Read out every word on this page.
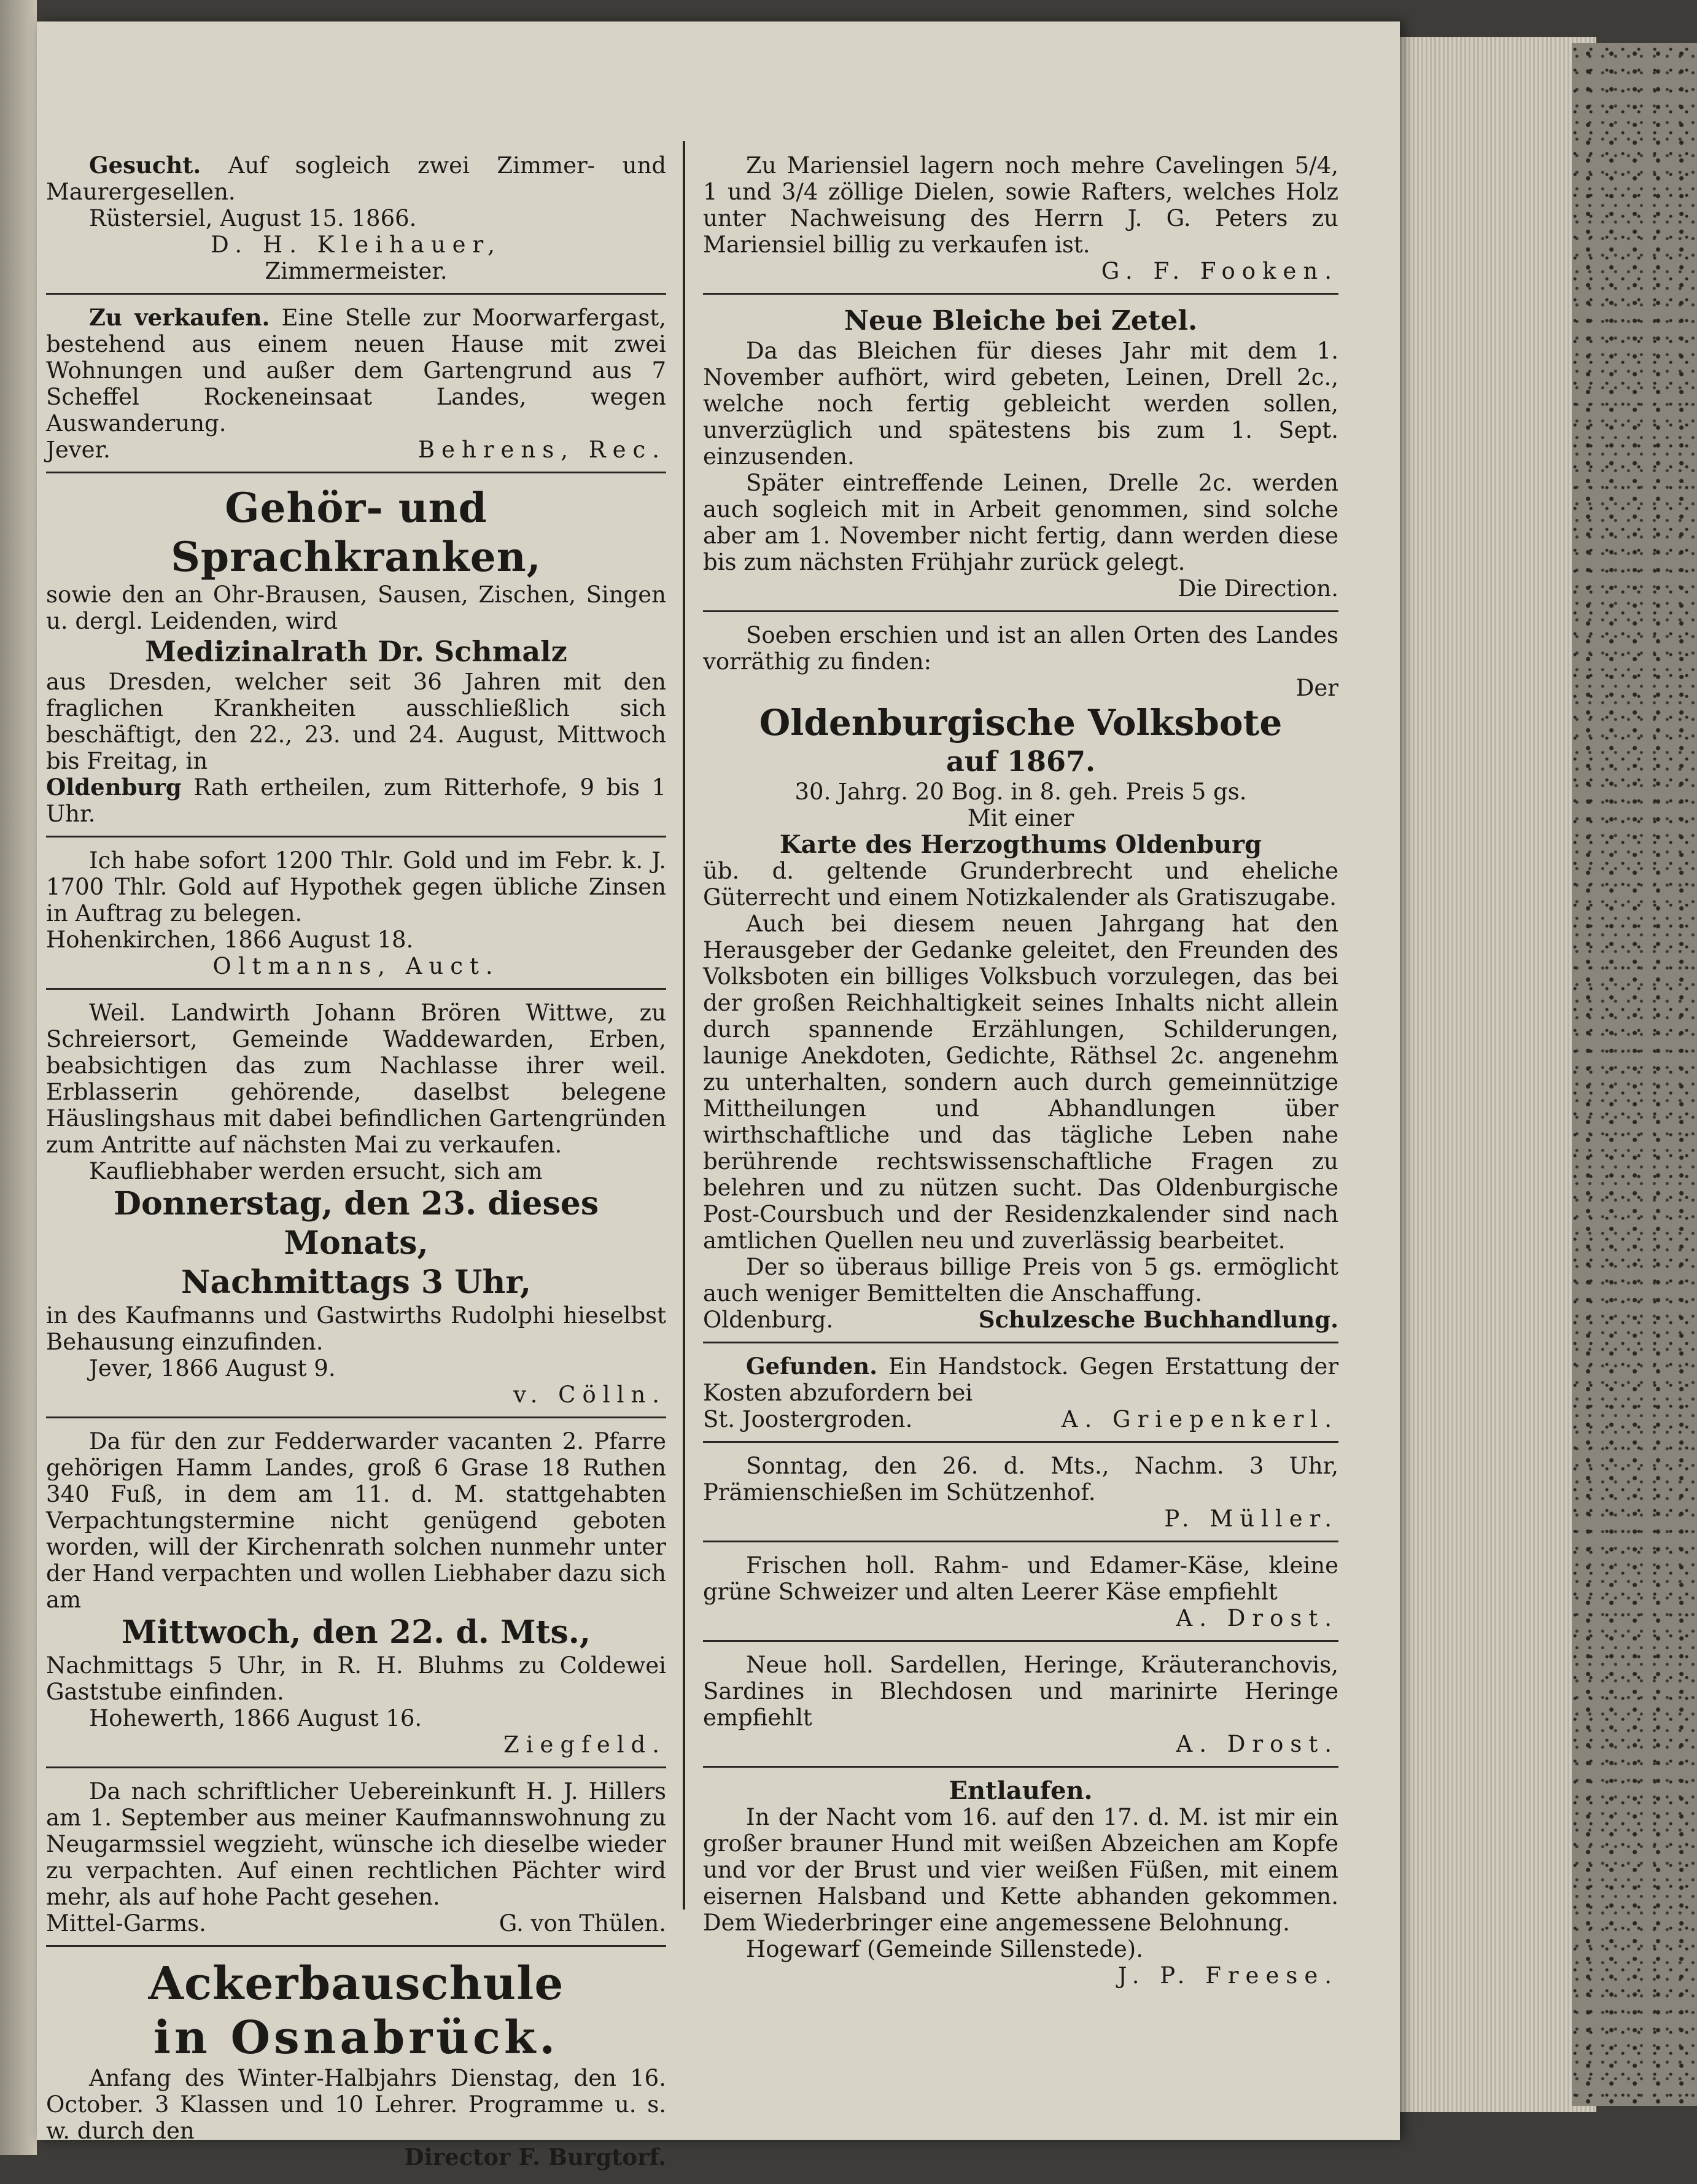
Gesucht. Auf sogleich zwei Zimmer- und Maurergesellen.

Rüstersiel, August 15. 1866.

D. H. Kleihauer,

Zimmermeister.

Zu verkaufen. Eine Stelle zur Moorwarfergast, bestehend aus einem neuen Hause mit zwei Wohnungen und außer dem Gartengrund aus 7 Scheffel Rockeneinsaat Landes, wegen Auswanderung.

Jever.	Behrens, Rec.

Gehör- und Sprachkranken,

sowie den an Ohr-Brausen, Sausen, Zischen, Singen u. dergl. Leidenden, wird

Medizinalrath Dr. Schmalz

aus Dresden, welcher seit 36 Jahren mit den fraglichen Krankheiten ausschließlich sich beschäftigt, den 22., 23. und 24. August, Mittwoch bis Freitag, in

Oldenburg Rath ertheilen, zum Ritterhofe, 9 bis 1 Uhr.

Ich habe sofort 1200 Thlr. Gold und im Febr. k. J. 1700 Thlr. Gold auf Hypothek gegen übliche Zinsen in Auftrag zu belegen.

Hohenkirchen, 1866 August 18.

Oltmanns, Auct.

Weil. Landwirth Johann Brören Wittwe, zu Schreiersort, Gemeinde Waddewarden, Erben, beabsichtigen das zum Nachlasse ihrer weil. Erblasserin gehörende, daselbst belegene Häuslingshaus mit dabei befindlichen Gartengründen zum Antritte auf nächsten Mai zu verkaufen.

Kaufliebhaber werden ersucht, sich am

Donnerstag, den 23. dieses Monats,
Nachmittags 3 Uhr,

in des Kaufmanns und Gastwirths Rudolphi hieselbst Behausung einzufinden.

Jever, 1866 August 9.

v. Cölln.

Da für den zur Fedderwarder vacanten 2. Pfarre gehörigen Hamm Landes, groß 6 Grase 18 Ruthen 340 Fuß, in dem am 11. d. M. stattgehabten Verpachtungstermine nicht genügend geboten worden, will der Kirchenrath solchen nunmehr unter der Hand verpachten und wollen Liebhaber dazu sich am

Mittwoch, den 22. d. Mts.,

Nachmittags 5 Uhr, in R. H. Bluhms zu Coldewei Gaststube einfinden.

Hohewerth, 1866 August 16.

Ziegfeld.

Da nach schriftlicher Uebereinkunft H. J. Hillers am 1. September aus meiner Kaufmannswohnung zu Neugarmssiel wegzieht, wünsche ich dieselbe wieder zu verpachten. Auf einen rechtlichen Pächter wird mehr, als auf hohe Pacht gesehen.

Mittel-Garms.	G. von Thülen.

Ackerbauschule
in Osnabrück.

Anfang des Winter-Halbjahrs Dienstag, den 16. October. 3 Klassen und 10 Lehrer. Programme u. s. w. durch den

Director F. Burgtorf.

Zu Mariensiel lagern noch mehre Cavelingen 5/4, 1 und 3/4 zöllige Dielen, sowie Rafters, welches Holz unter Nachweisung des Herrn J. G. Peters zu Mariensiel billig zu verkaufen ist.

G. F. Fooken.

Neue Bleiche bei Zetel.

Da das Bleichen für dieses Jahr mit dem 1. November aufhört, wird gebeten, Leinen, Drell 2c., welche noch fertig gebleicht werden sollen, unverzüglich und spätestens bis zum 1. Sept. einzusenden.

Später eintreffende Leinen, Drelle 2c. werden auch sogleich mit in Arbeit genommen, sind solche aber am 1. November nicht fertig, dann werden diese bis zum nächsten Frühjahr zurück gelegt.

Die Direction.

Soeben erschien und ist an allen Orten des Landes vorräthig zu finden:

Der

Oldenburgische Volksbote
auf 1867.

30. Jahrg. 20 Bog. in 8. geh. Preis 5 gs.

Mit einer

Karte des Herzogthums Oldenburg

üb. d. geltende Grunderbrecht und eheliche Güterrecht und einem Notizkalender als Gratiszugabe.

Auch bei diesem neuen Jahrgang hat den Herausgeber der Gedanke geleitet, den Freunden des Volksboten ein billiges Volksbuch vorzulegen, das bei der großen Reichhaltigkeit seines Inhalts nicht allein durch spannende Erzählungen, Schilderungen, launige Anekdoten, Gedichte, Räthsel 2c. angenehm zu unterhalten, sondern auch durch gemeinnützige Mittheilungen und Abhandlungen über wirthschaftliche und das tägliche Leben nahe berührende rechtswissenschaftliche Fragen zu belehren und zu nützen sucht. Das Oldenburgische Post-Coursbuch und der Residenzkalender sind nach amtlichen Quellen neu und zuverlässig bearbeitet.

Der so überaus billige Preis von 5 gs. ermöglicht auch weniger Bemittelten die Anschaffung.

Oldenburg.	Schulzesche Buchhandlung.

Gefunden. Ein Handstock. Gegen Erstattung der Kosten abzufordern bei

St. Joostergroden.	A. Griepenkerl.

Sonntag, den 26. d. Mts., Nachm. 3 Uhr, Prämienschießen im Schützenhof.

P. Müller.

Frischen holl. Rahm- und Edamer-Käse, kleine grüne Schweizer und alten Leerer Käse empfiehlt

A. Drost.

Neue holl. Sardellen, Heringe, Kräuteranchovis, Sardines in Blechdosen und marinirte Heringe empfiehlt

A. Drost.

Entlaufen.

In der Nacht vom 16. auf den 17. d. M. ist mir ein großer brauner Hund mit weißen Abzeichen am Kopfe und vor der Brust und vier weißen Füßen, mit einem eisernen Halsband und Kette abhanden gekommen. Dem Wiederbringer eine angemessene Belohnung.

Hogewarf (Gemeinde Sillenstede).

J. P. Freese.
